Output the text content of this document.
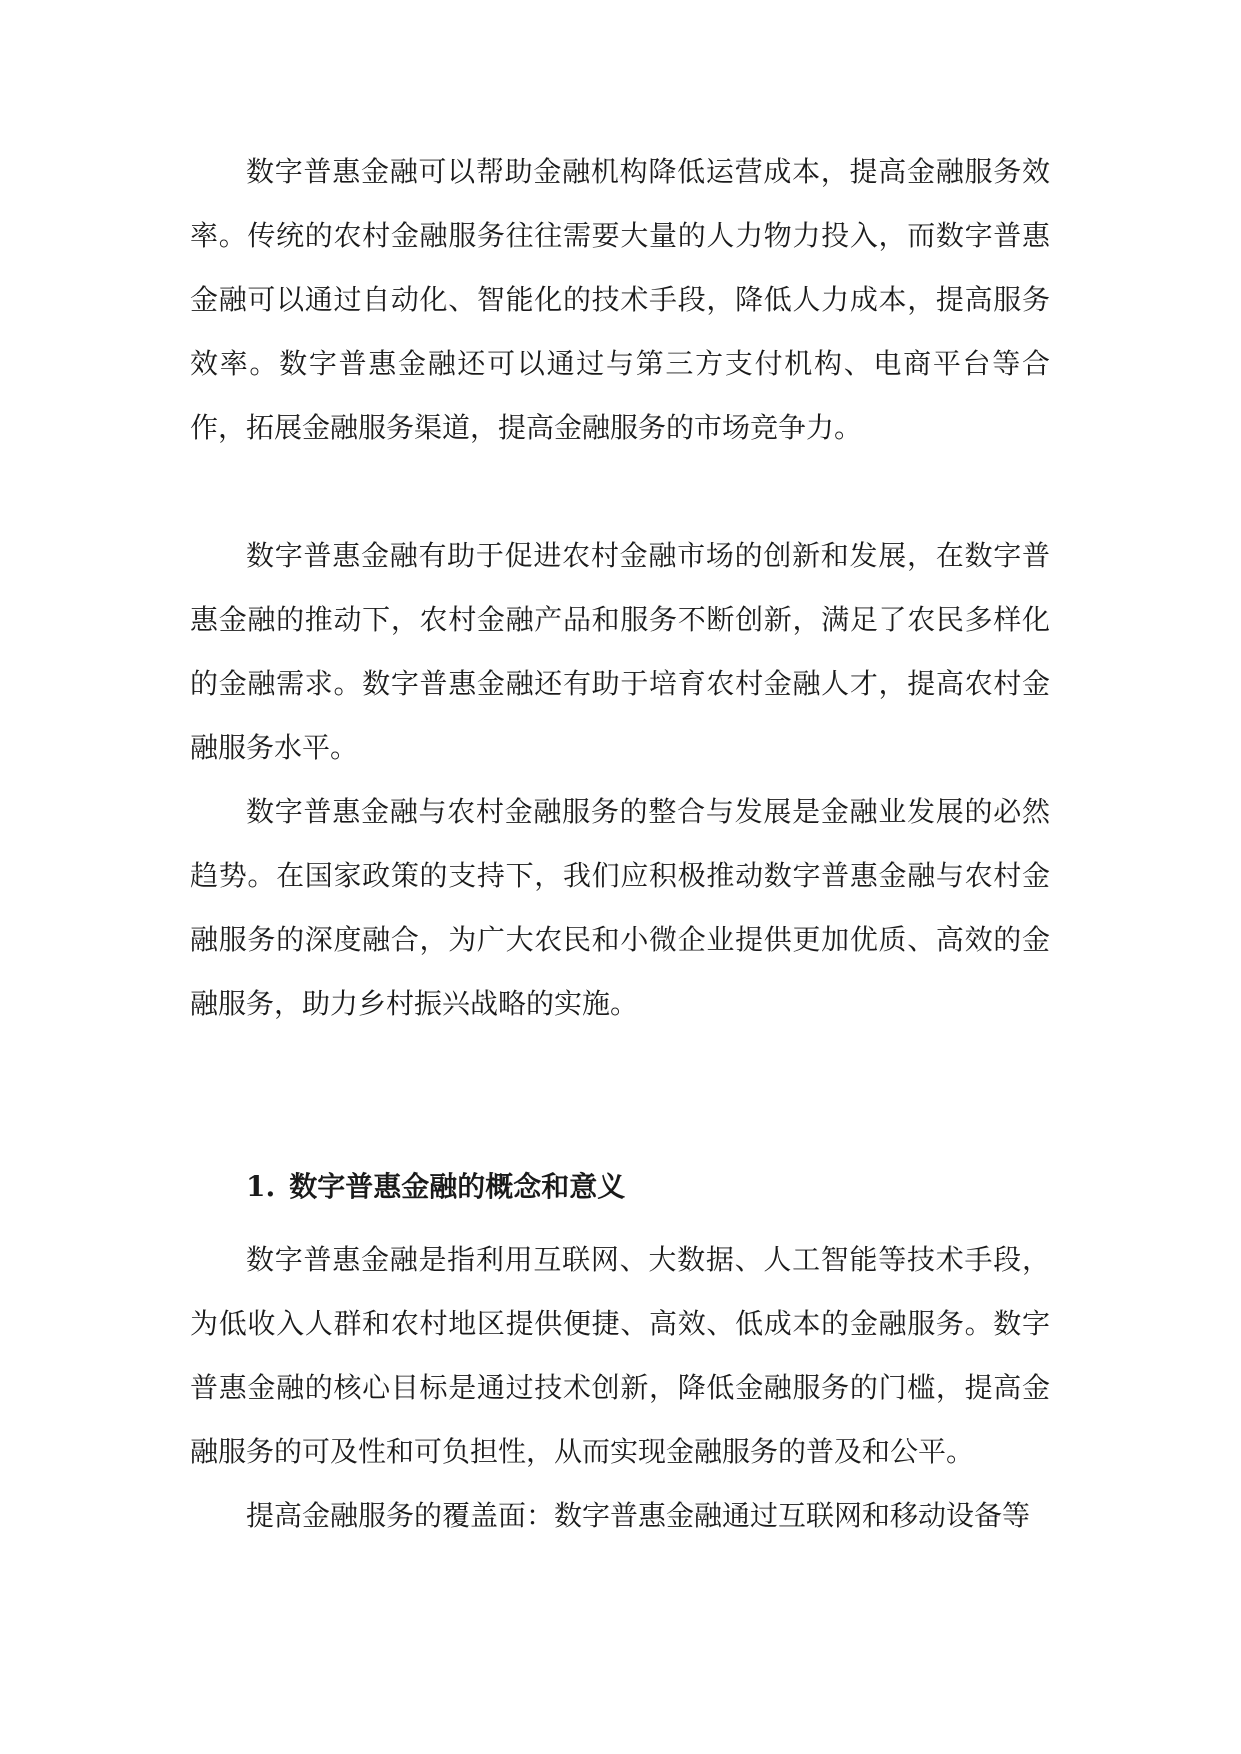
数字普惠金融可以帮助金融机构降低运营成本，提高金融服务效率。传统的农村金融服务往往需要大量的人力物力投入，而数字普惠金融可以通过自动化、智能化的技术手段，降低人力成本，提高服务效率。数字普惠金融还可以通过与第三方支付机构、电商平台等合作，拓展金融服务渠道，提高金融服务的市场竞争力。

数字普惠金融有助于促进农村金融市场的创新和发展，在数字普惠金融的推动下，农村金融产品和服务不断创新，满足了农民多样化的金融需求。数字普惠金融还有助于培育农村金融人才，提高农村金融服务水平。

数字普惠金融与农村金融服务的整合与发展是金融业发展的必然趋势。在国家政策的支持下，我们应积极推动数字普惠金融与农村金融服务的深度融合，为广大农民和小微企业提供更加优质、高效的金融服务，助力乡村振兴战略的实施。

1. 数字普惠金融的概念和意义

数字普惠金融是指利用互联网、大数据、人工智能等技术手段，为低收入人群和农村地区提供便捷、高效、低成本的金融服务。数字普惠金融的核心目标是通过技术创新，降低金融服务的门槛，提高金融服务的可及性和可负担性，从而实现金融服务的普及和公平。

提高金融服务的覆盖面：数字普惠金融通过互联网和移动设备等
